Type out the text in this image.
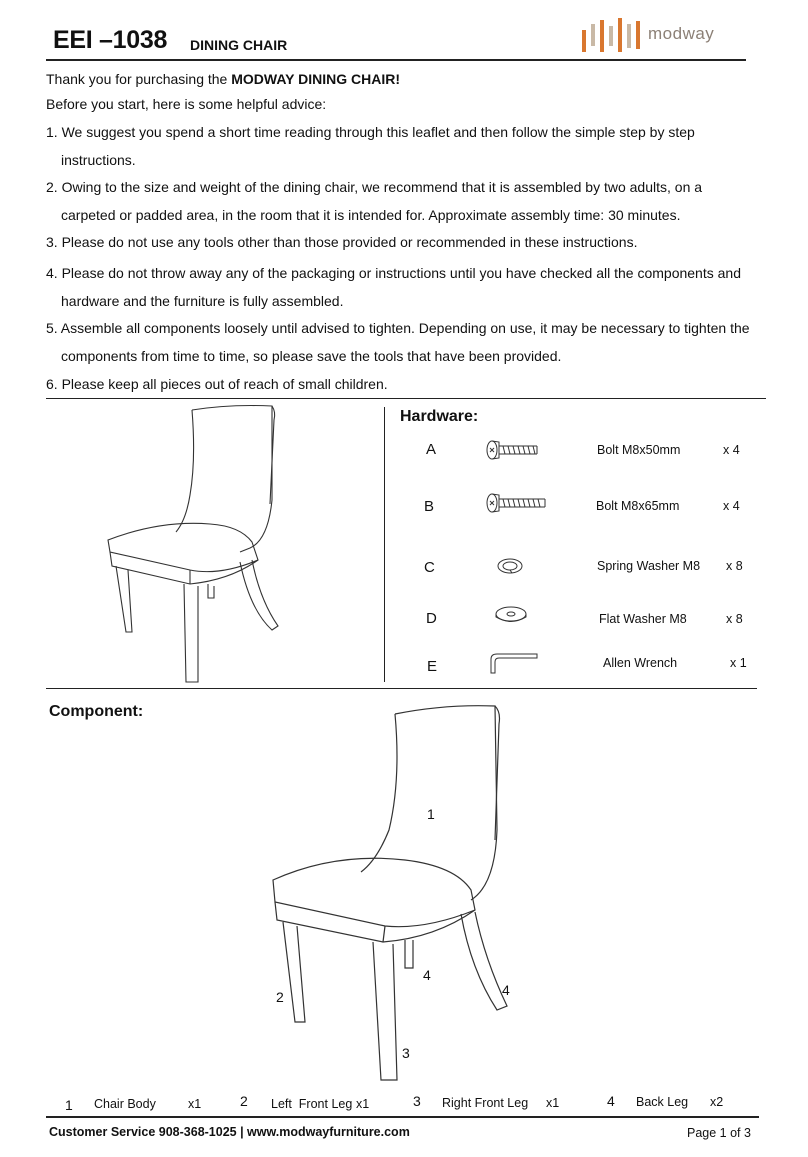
EEI –1038 DINING CHAIR
modway
Thank you for purchasing the MODWAY DINING CHAIR!
Before you start, here is some helpful advice:
1. We suggest you spend a short time reading through this leaflet and then follow the simple step by step
instructions.
2. Owing to the size and weight of the dining chair, we recommend that it is assembled by two adults, on a
carpeted or padded area, in the room that it is intended for. Approximate assembly time: 30 minutes.
3. Please do not use any tools other than those provided or recommended in these instructions.
4. Please do not throw away any of the packaging or instructions until you have checked all the components and
hardware and the furniture is fully assembled.
5. Assemble all components loosely until advised to tighten. Depending on use, it may be necessary to tighten the
components from time to time, so please save the tools that have been provided.
6. Please keep all pieces out of reach of small children.
Hardware:
A	Bolt M8x50mm	x 4
B	Bolt M8x65mm	x 4
C	Spring Washer M8 x 8
D	Flat Washer M8	x 8
E	Allen Wrench	x 1
Component:
1
2
3
4
4
1 Chair Body	x1	2 Left  Front Leg x1	3 Right Front Leg x1	4 Back Leg x2
Customer Service 908-368-1025 | www.modwayfurniture.com	Page 1 of 3
